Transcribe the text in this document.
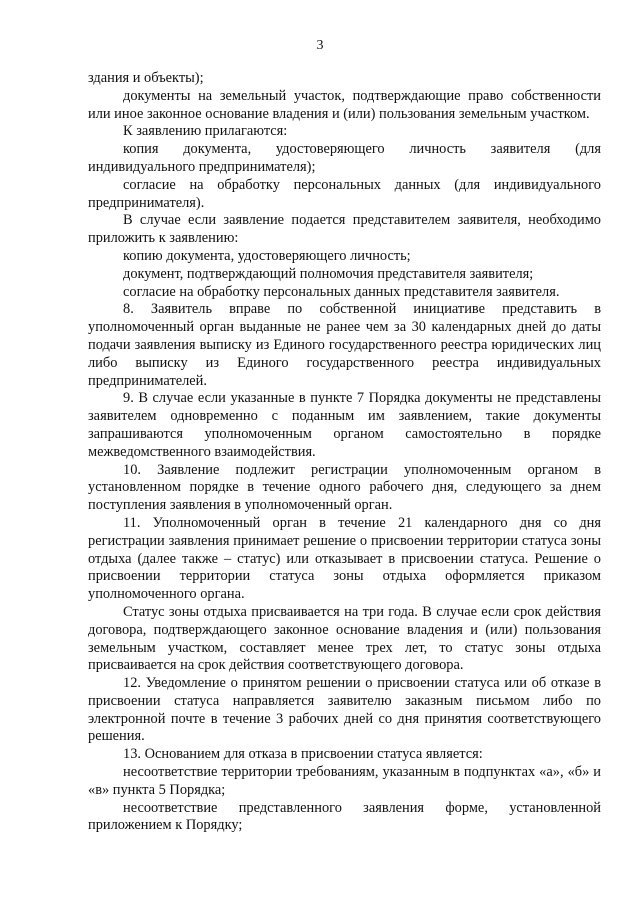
3

здания и объекты);

документы на земельный участок, подтверждающие право собственности или иное законное основание владения и (или) пользования земельным участком.

К заявлению прилагаются:

копия документа, удостоверяющего личность заявителя (для индивидуального предпринимателя);

согласие на обработку персональных данных (для индивидуального предпринимателя).

В случае если заявление подается представителем заявителя, необходимо приложить к заявлению:

копию документа, удостоверяющего личность;

документ, подтверждающий полномочия представителя заявителя;

согласие на обработку персональных данных представителя заявителя.

8. Заявитель вправе по собственной инициативе представить в уполномоченный орган выданные не ранее чем за 30 календарных дней до даты подачи заявления выписку из Единого государственного реестра юридических лиц либо выписку из Единого государственного реестра индивидуальных предпринимателей.

9. В случае если указанные в пункте 7 Порядка документы не представлены заявителем одновременно с поданным им заявлением, такие документы запрашиваются уполномоченным органом самостоятельно в порядке межведомственного взаимодействия.

10. Заявление подлежит регистрации уполномоченным органом в установленном порядке в течение одного рабочего дня, следующего за днем поступления заявления в уполномоченный орган.

11. Уполномоченный орган в течение 21 календарного дня со дня регистрации заявления принимает решение о присвоении территории статуса зоны отдыха (далее также – статус) или отказывает в присвоении статуса. Решение о присвоении территории статуса зоны отдыха оформляется приказом уполномоченного органа.

Статус зоны отдыха присваивается на три года. В случае если срок действия договора, подтверждающего законное основание владения и (или) пользования земельным участком, составляет менее трех лет, то статус зоны отдыха присваивается на срок действия соответствующего договора.

12. Уведомление о принятом решении о присвоении статуса или об отказе в присвоении статуса направляется заявителю заказным письмом либо по электронной почте в течение 3 рабочих дней со дня принятия соответствующего решения.

13. Основанием для отказа в присвоении статуса является:

несоответствие территории требованиям, указанным в подпунктах «а», «б» и «в» пункта 5 Порядка;

несоответствие представленного заявления форме, установленной приложением к Порядку;
